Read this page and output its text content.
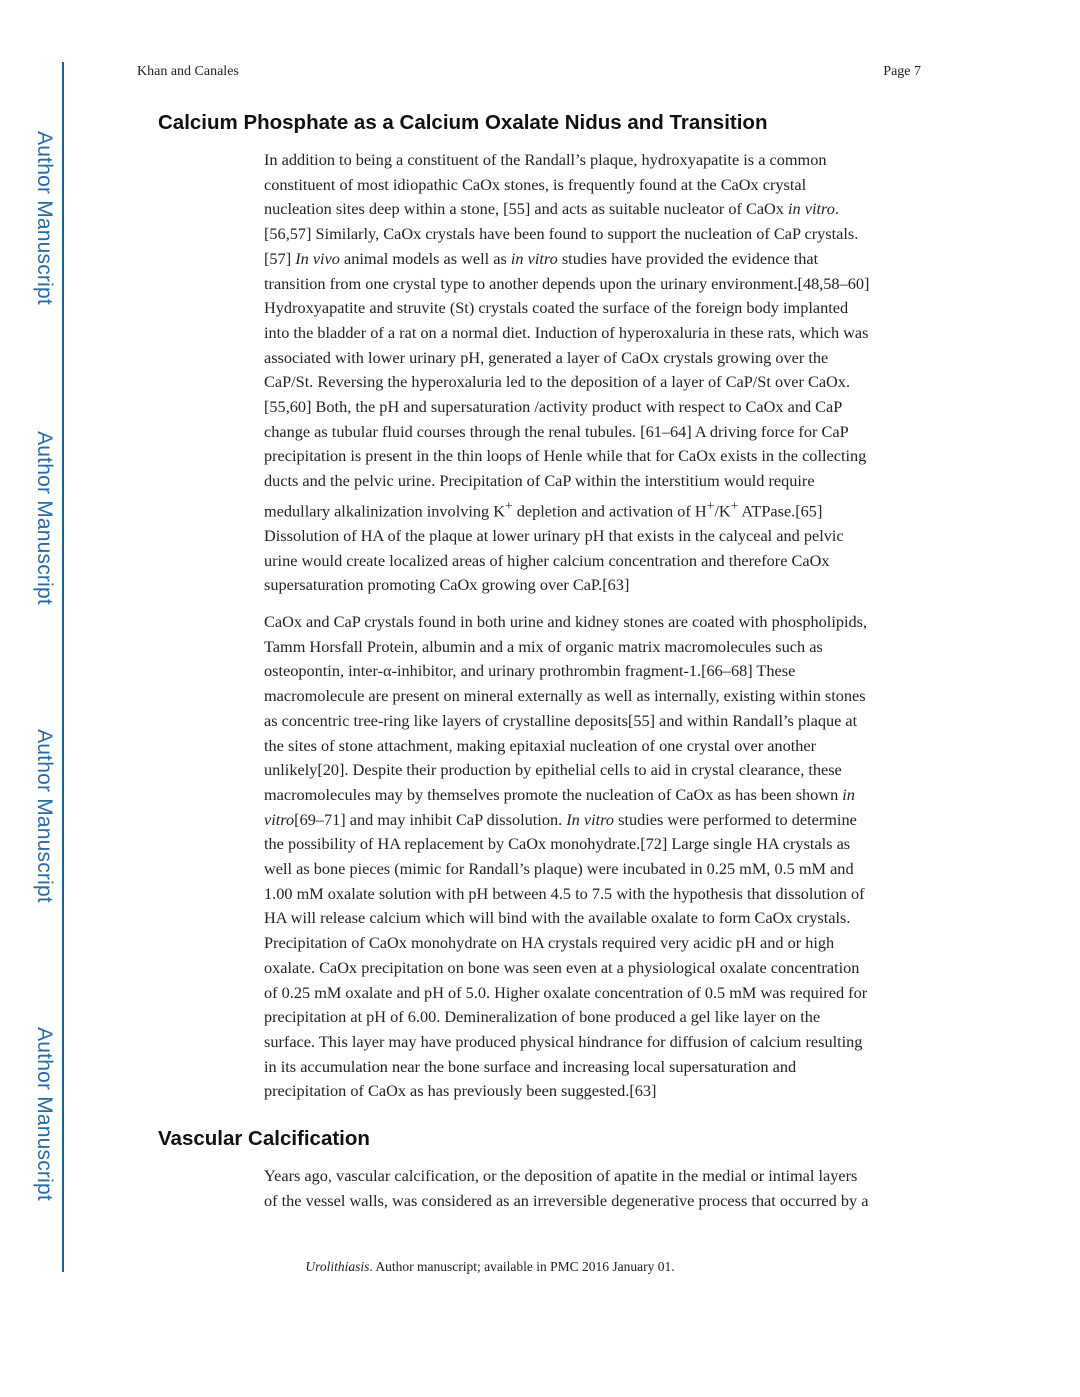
Author Manuscript
Author Manuscript
Author Manuscript
Author Manuscript
Khan and Canales	Page 7
Calcium Phosphate as a Calcium Oxalate Nidus and Transition
In addition to being a constituent of the Randall’s plaque, hydroxyapatite is a common
constituent of most idiopathic CaOx stones, is frequently found at the CaOx crystal
nucleation sites deep within a stone, [55] and acts as suitable nucleator of CaOx in vitro.
[56,57] Similarly, CaOx crystals have been found to support the nucleation of CaP crystals.
[57] In vivo animal models as well as in vitro studies have provided the evidence that
transition from one crystal type to another depends upon the urinary environment.[48,58–60]
Hydroxyapatite and struvite (St) crystals coated the surface of the foreign body implanted
into the bladder of a rat on a normal diet. Induction of hyperoxaluria in these rats, which was
associated with lower urinary pH, generated a layer of CaOx crystals growing over the
CaP/St. Reversing the hyperoxaluria led to the deposition of a layer of CaP/St over CaOx.
[55,60] Both, the pH and supersaturation /activity product with respect to CaOx and CaP
change as tubular fluid courses through the renal tubules. [61–64] A driving force for CaP
precipitation is present in the thin loops of Henle while that for CaOx exists in the collecting
ducts and the pelvic urine. Precipitation of CaP within the interstitium would require
medullary alkalinization involving K+ depletion and activation of H+/K+ ATPase.[65]
Dissolution of HA of the plaque at lower urinary pH that exists in the calyceal and pelvic
urine would create localized areas of higher calcium concentration and therefore CaOx
supersaturation promoting CaOx growing over CaP.[63]
CaOx and CaP crystals found in both urine and kidney stones are coated with phospholipids,
Tamm Horsfall Protein, albumin and a mix of organic matrix macromolecules such as
osteopontin, inter-α-inhibitor, and urinary prothrombin fragment-1.[66–68] These
macromolecule are present on mineral externally as well as internally, existing within stones
as concentric tree-ring like layers of crystalline deposits[55] and within Randall’s plaque at
the sites of stone attachment, making epitaxial nucleation of one crystal over another
unlikely[20]. Despite their production by epithelial cells to aid in crystal clearance, these
macromolecules may by themselves promote the nucleation of CaOx as has been shown in
vitro[69–71] and may inhibit CaP dissolution. In vitro studies were performed to determine
the possibility of HA replacement by CaOx monohydrate.[72] Large single HA crystals as
well as bone pieces (mimic for Randall’s plaque) were incubated in 0.25 mM, 0.5 mM and
1.00 mM oxalate solution with pH between 4.5 to 7.5 with the hypothesis that dissolution of
HA will release calcium which will bind with the available oxalate to form CaOx crystals.
Precipitation of CaOx monohydrate on HA crystals required very acidic pH and or high
oxalate. CaOx precipitation on bone was seen even at a physiological oxalate concentration
of 0.25 mM oxalate and pH of 5.0. Higher oxalate concentration of 0.5 mM was required for
precipitation at pH of 6.00. Demineralization of bone produced a gel like layer on the
surface. This layer may have produced physical hindrance for diffusion of calcium resulting
in its accumulation near the bone surface and increasing local supersaturation and
precipitation of CaOx as has previously been suggested.[63]
Vascular Calcification
Years ago, vascular calcification, or the deposition of apatite in the medial or intimal layers
of the vessel walls, was considered as an irreversible degenerative process that occurred by a
Urolithiasis. Author manuscript; available in PMC 2016 January 01.
